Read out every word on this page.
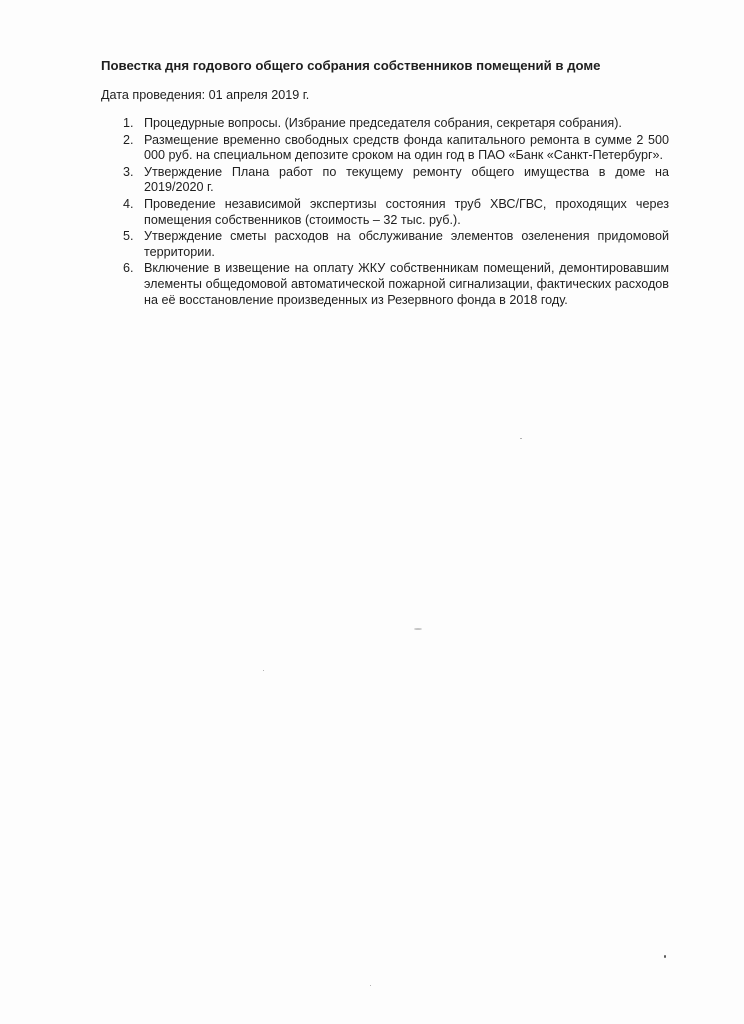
Повестка дня годового общего собрания собственников помещений в доме
Дата проведения: 01 апреля 2019 г.
1. Процедурные вопросы. (Избрание председателя собрания, секретаря собрания).
2. Размещение временно свободных средств фонда капитального ремонта в сумме 2 500 000 руб. на специальном депозите сроком на один год в ПАО «Банк «Санкт-Петербург».
3. Утверждение Плана работ по текущему ремонту общего имущества в доме на 2019/2020 г.
4. Проведение независимой экспертизы состояния труб ХВС/ГВС, проходящих через помещения собственников (стоимость – 32 тыс. руб.).
5. Утверждение сметы расходов на обслуживание элементов озеленения придомовой территории.
6. Включение в извещение на оплату ЖКУ собственникам помещений, демонтировавшим элементы общедомовой автоматической пожарной сигнализации, фактических расходов на её восстановление произведенных из Резервного фонда в 2018 году.
